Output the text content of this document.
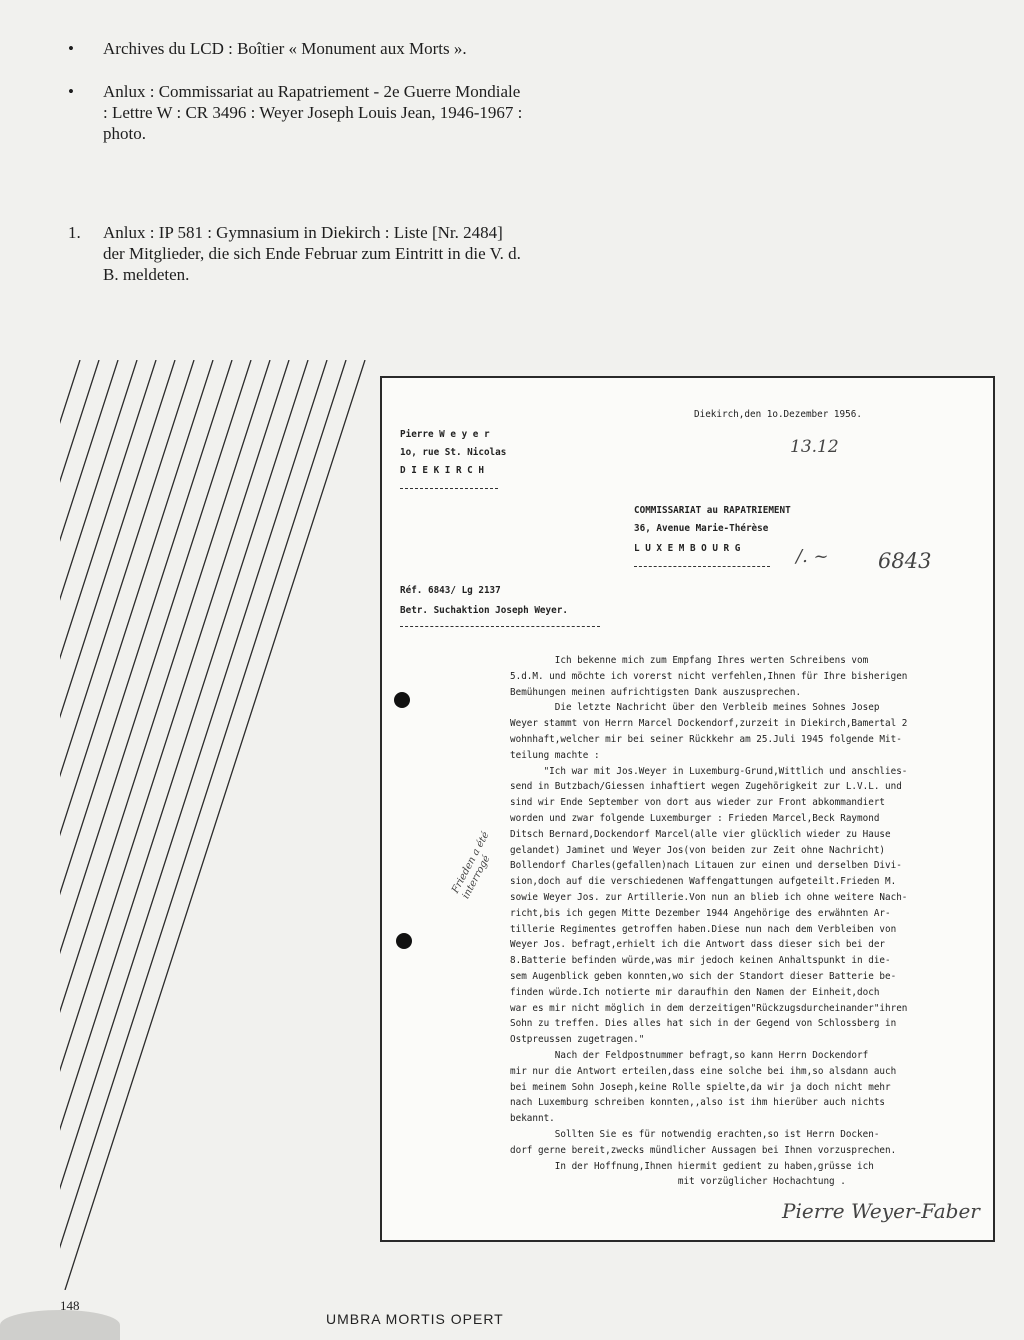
• Archives du LCD : Boîtier « Monument aux Morts ».
• Anlux : Commissariat au Rapatriement - 2e Guerre Mondiale : Lettre W : CR 3496 : Weyer Joseph Louis Jean, 1946-1967 : photo.
1. Anlux : IP 581 : Gymnasium in Diekirch : Liste [Nr. 2484] der Mitglieder, die sich Ende Februar zum Eintritt in die V. d. B. meldeten.
Diekirch,den 1o.Dezember 1956.
Pierre W e y e r
1o, rue St. Nicolas
D I E K I R C H
13.12
COMMISSARIAT au RAPATRIEMENT
36, Avenue Marie-Thérèse
L U X E M B O U R G	/. ~ 6843
Réf. 6843/ Lg 2137
Betr. Suchaktion Joseph Weyer.
Ich bekenne mich zum Empfang Ihres werten Schreibens vom
5.d.M. und möchte ich vorerst nicht verfehlen,Ihnen für Ihre bisherigen
Bemühungen meinen aufrichtigsten Dank auszusprechen.
Die letzte Nachricht über den Verbleib meines Sohnes Josep
Weyer stammt von Herrn Marcel Dockendorf,zurzeit in Diekirch,Bamertal 2
wohnhaft,welcher mir bei seiner Rückkehr am 25.Juli 1945 folgende Mit-
teilung machte :
"Ich war mit Jos.Weyer in Luxemburg-Grund,Wittlich und anschlies-
send in Butzbach/Giessen inhaftiert wegen Zugehörigkeit zur L.V.L. und
sind wir Ende September von dort aus wieder zur Front abkommandiert
worden und zwar folgende Luxemburger : Frieden Marcel,Beck Raymond
Ditsch Bernard,Dockendorf Marcel(alle vier glücklich wieder zu Hause
gelandet) Jaminet und Weyer Jos(von beiden zur Zeit ohne Nachricht)
Bollendorf Charles(gefallen)nach Litauen zur einen und derselben Divi-
sion,doch auf die verschiedenen Waffengattungen aufgeteilt.Frieden M.
sowie Weyer Jos. zur Artillerie.Von nun an blieb ich ohne weitere Nach-
richt,bis ich gegen Mitte Dezember 1944 Angehörige des erwähnten Ar-
tillerie Regimentes getroffen haben.Diese nun nach dem Verbleiben von
Weyer Jos. befragt,erhielt ich die Antwort dass dieser sich bei der
8.Batterie befinden würde,was mir jedoch keinen Anhaltspunkt in die-
sem Augenblick geben konnten,wo sich der Standort dieser Batterie be-
finden würde.Ich notierte mir daraufhin den Namen der Einheit,doch
war es mir nicht möglich in dem derzeitigen"Rückzugsdurcheinander"ihren
Sohn zu treffen. Dies alles hat sich in der Gegend von Schlossberg in
Ostpreussen zugetragen."
Nach der Feldpostnummer befragt,so kann Herrn Dockendorf
mir nur die Antwort erteilen,dass eine solche bei ihm,so alsdann auch
bei meinem Sohn Joseph,keine Rolle spielte,da wir ja doch nicht mehr
nach Luxemburg schreiben konnten,,also ist ihm hierüber auch nichts
bekannt.
Sollten Sie es für notwendig erachten,so ist Herrn Docken-
dorf gerne bereit,zwecks mündlicher Aussagen bei Ihnen vorzusprechen.
In der Hoffnung,Ihnen hiermit gedient zu haben,grüsse ich
mit vorzüglicher Hochachtung .
Frieden a été interrogé
Pierre Weyer-Faber
148
UMBRA MORTIS OPERT
